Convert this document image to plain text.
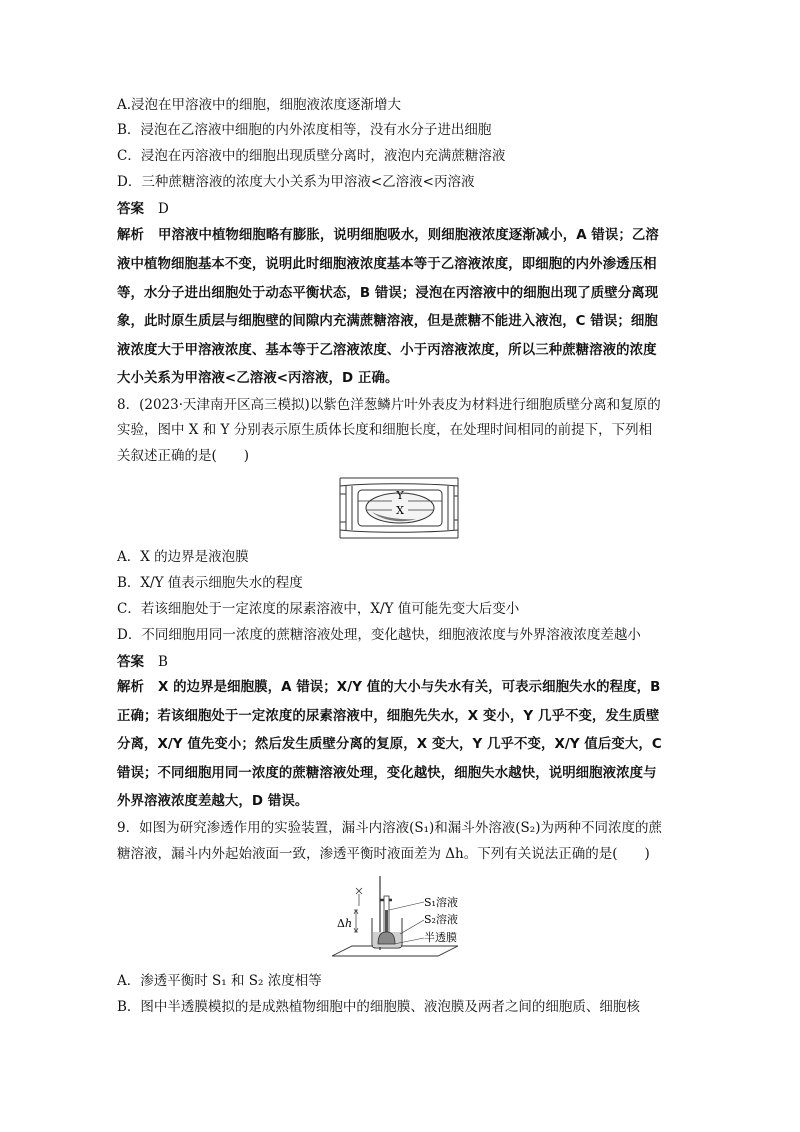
A.浸泡在甲溶液中的细胞，细胞液浓度逐渐增大
B．浸泡在乙溶液中细胞的内外浓度相等，没有水分子进出细胞
C．浸泡在丙溶液中的细胞出现质壁分离时，液泡内充满蔗糖溶液
D．三种蔗糖溶液的浓度大小关系为甲溶液<乙溶液<丙溶液
答案 D
解析 甲溶液中植物细胞略有膨胀，说明细胞吸水，则细胞液浓度逐渐减小，A 错误；乙溶
液中植物细胞基本不变，说明此时细胞液浓度基本等于乙溶液浓度，即细胞的内外渗透压相
等，水分子进出细胞处于动态平衡状态，B 错误；浸泡在丙溶液中的细胞出现了质壁分离现
象，此时原生质层与细胞壁的间隙内充满蔗糖溶液，但是蔗糖不能进入液泡，C 错误；细胞
液浓度大于甲溶液浓度、基本等于乙溶液浓度、小于丙溶液浓度，所以三种蔗糖溶液的浓度
大小关系为甲溶液<乙溶液<丙溶液，D 正确。
8．(2023·天津南开区高三模拟)以紫色洋葱鳞片叶外表皮为材料进行细胞质壁分离和复原的
实验，图中 X 和 Y 分别表示原生质体长度和细胞长度，在处理时间相同的前提下，下列相
关叙述正确的是(　　)
Y
X
A．X 的边界是液泡膜
B．X/Y 值表示细胞失水的程度
C．若该细胞处于一定浓度的尿素溶液中，X/Y 值可能先变大后变小
D．不同细胞用同一浓度的蔗糖溶液处理，变化越快，细胞液浓度与外界溶液浓度差越小
答案 B
解析 X 的边界是细胞膜，A 错误；X/Y 值的大小与失水有关，可表示细胞失水的程度，B
正确；若该细胞处于一定浓度的尿素溶液中，细胞先失水，X 变小，Y 几乎不变，发生质壁
分离，X/Y 值先变小；然后发生质壁分离的复原，X 变大，Y 几乎不变，X/Y 值后变大，C
错误；不同细胞用同一浓度的蔗糖溶液处理，变化越快，细胞失水越快，说明细胞液浓度与
外界溶液浓度差越大，D 错误。
9．如图为研究渗透作用的实验装置，漏斗内溶液(S₁)和漏斗外溶液(S₂)为两种不同浓度的蔗
糖溶液，漏斗内外起始液面一致，渗透平衡时液面差为 Δh。下列有关说法正确的是(　　)
Δ h
S₁溶液
S₂溶液
半透膜
A．渗透平衡时 S₁ 和 S₂ 浓度相等
B．图中半透膜模拟的是成熟植物细胞中的细胞膜、液泡膜及两者之间的细胞质、细胞核
